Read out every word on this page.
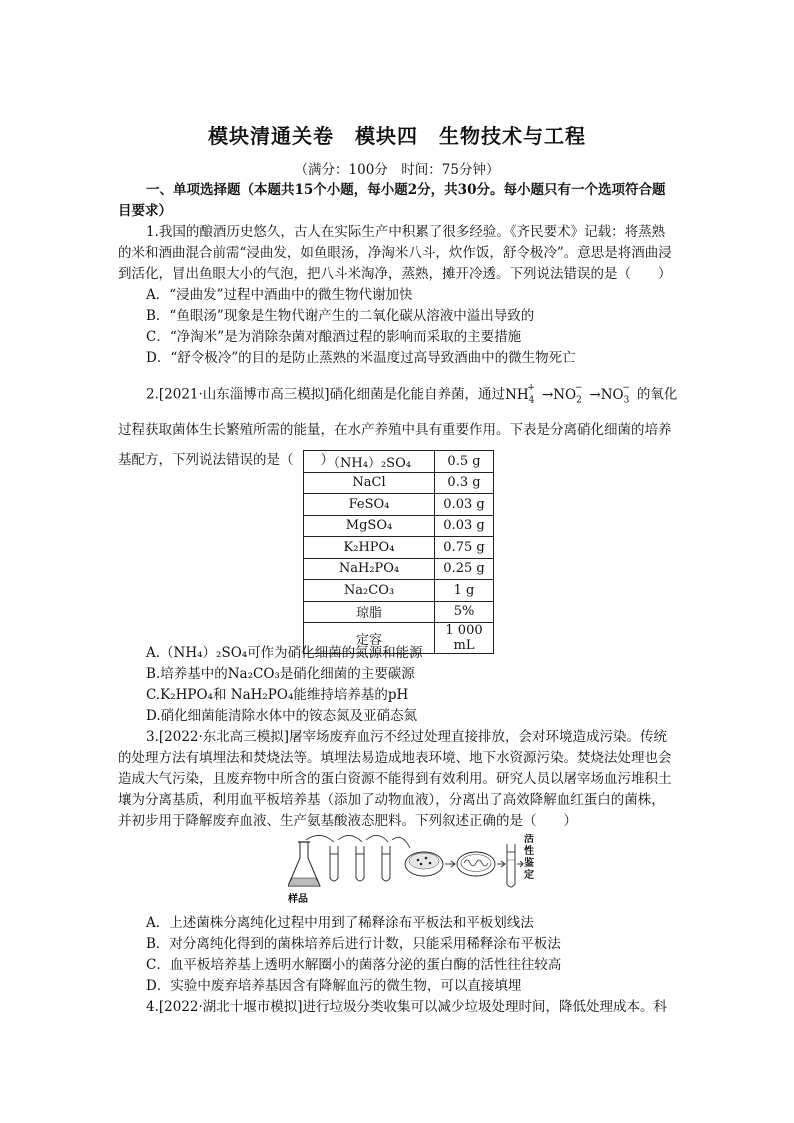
模块清通关卷　模块四　生物技术与工程
（满分：100分　时间：75分钟）
一、单项选择题（本题共15个小题，每小题2分，共30分。每小题只有一个选项符合题目要求）
1.我国的酿酒历史悠久，古人在实际生产中积累了很多经验。《齐民要术》记载：将蒸熟的米和酒曲混合前需“浸曲发，如鱼眼汤，净淘米八斗，炊作饭，舒令极冷”。意思是将酒曲浸到活化，冒出鱼眼大小的气泡，把八斗米淘净，蒸熟，摊开冷透。下列说法错误的是（　　）
A．“浸曲发”过程中酒曲中的微生物代谢加快
B．“鱼眼汤”现象是生物代谢产生的二氧化碳从溶液中溢出导致的
C．“净淘米”是为消除杂菌对酿酒过程的影响而采取的主要措施
D．“舒令极冷”的目的是防止蒸熟的米温度过高导致酒曲中的微生物死亡
2.[2021·山东淄博市高三模拟]硝化细菌是化能自养菌，通过$NH_4^+ \to NO_2^- \to NO_3^-$ 的氧化过程获取菌体生长繁殖所需的能量，在水产养殖中具有重要作用。下表是分离硝化细菌的培养基配方，下列说法错误的是（　　）
（NH₄）₂SO₄	0.5 g
NaCl	0.3 g
FeSO₄	0.03 g
MgSO₄	0.03 g
K₂HPO₄	0.75 g
NaH₂PO₄	0.25 g
Na₂CO₃	1 g
琼脂	5%
定容	1 000 mL
A.（NH₄）₂SO₄可作为硝化细菌的氮源和能源
B.培养基中的Na₂CO₃是硝化细菌的主要碳源
C.K₂HPO₄和 NaH₂PO₄能维持培养基的pH
D.硝化细菌能清除水体中的铵态氮及亚硝态氮
3.[2022·东北高三模拟]屠宰场废弃血污不经过处理直接排放，会对环境造成污染。传统的处理方法有填埋法和焚烧法等。填埋法易造成地表环境、地下水资源污染。焚烧法处理也会造成大气污染，且废弃物中所含的蛋白资源不能得到有效利用。研究人员以屠宰场血污堆积土壤为分离基质，利用血平板培养基（添加了动物血液），分离出了高效降解血红蛋白的菌株，并初步用于降解废弃血液、生产氨基酸液态肥料。下列叙述正确的是（　　）
样品
活性鉴定
A．上述菌株分离纯化过程中用到了稀释涂布平板法和平板划线法
B．对分离纯化得到的菌株培养后进行计数，只能采用稀释涂布平板法
C．血平板培养基上透明水解圈小的菌落分泌的蛋白酶的活性往往较高
D．实验中废弃培养基因含有降解血污的微生物，可以直接填埋
4.[2022·湖北十堰市模拟]进行垃圾分类收集可以减少垃圾处理时间，降低处理成本。科
